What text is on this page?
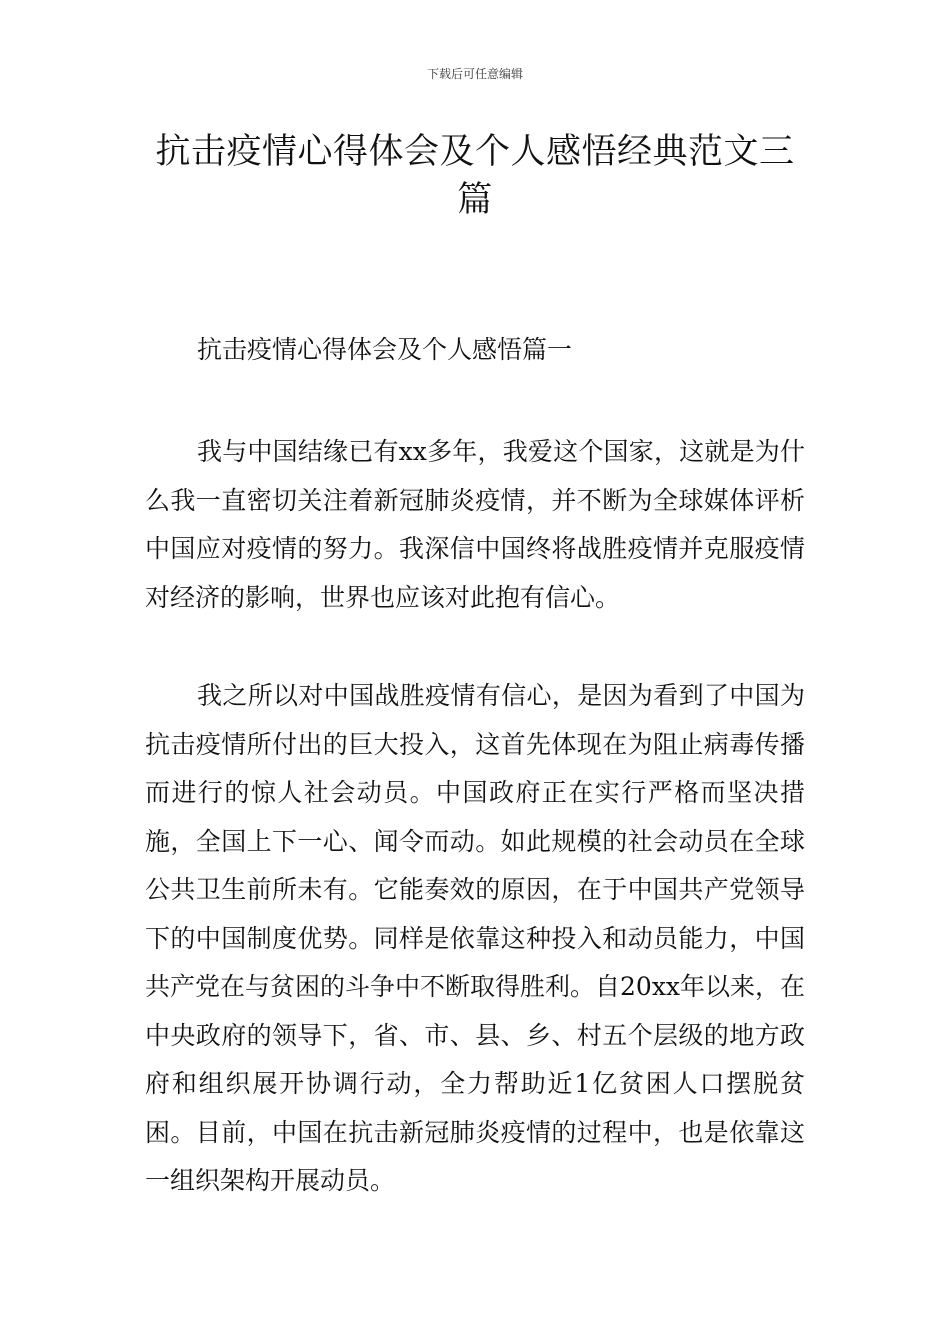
下载后可任意编辑
抗击疫情心得体会及个人感悟经典范文三篇
抗击疫情心得体会及个人感悟篇一

我与中国结缘已有xx多年，我爱这个国家，这就是为什么我一直密切关注着新冠肺炎疫情，并不断为全球媒体评析中国应对疫情的努力。我深信中国终将战胜疫情并克服疫情对经济的影响，世界也应该对此抱有信心。

我之所以对中国战胜疫情有信心，是因为看到了中国为抗击疫情所付出的巨大投入，这首先体现在为阻止病毒传播而进行的惊人社会动员。中国政府正在实行严格而坚决措施，全国上下一心、闻令而动。如此规模的社会动员在全球公共卫生前所未有。它能奏效的原因，在于中国共产党领导下的中国制度优势。同样是依靠这种投入和动员能力，中国共产党在与贫困的斗争中不断取得胜利。自20xx年以来，在中央政府的领导下，省、市、县、乡、村五个层级的地方政府和组织展开协调行动，全力帮助近1亿贫困人口摆脱贫困。目前，中国在抗击新冠肺炎疫情的过程中，也是依靠这一组织架构开展动员。
